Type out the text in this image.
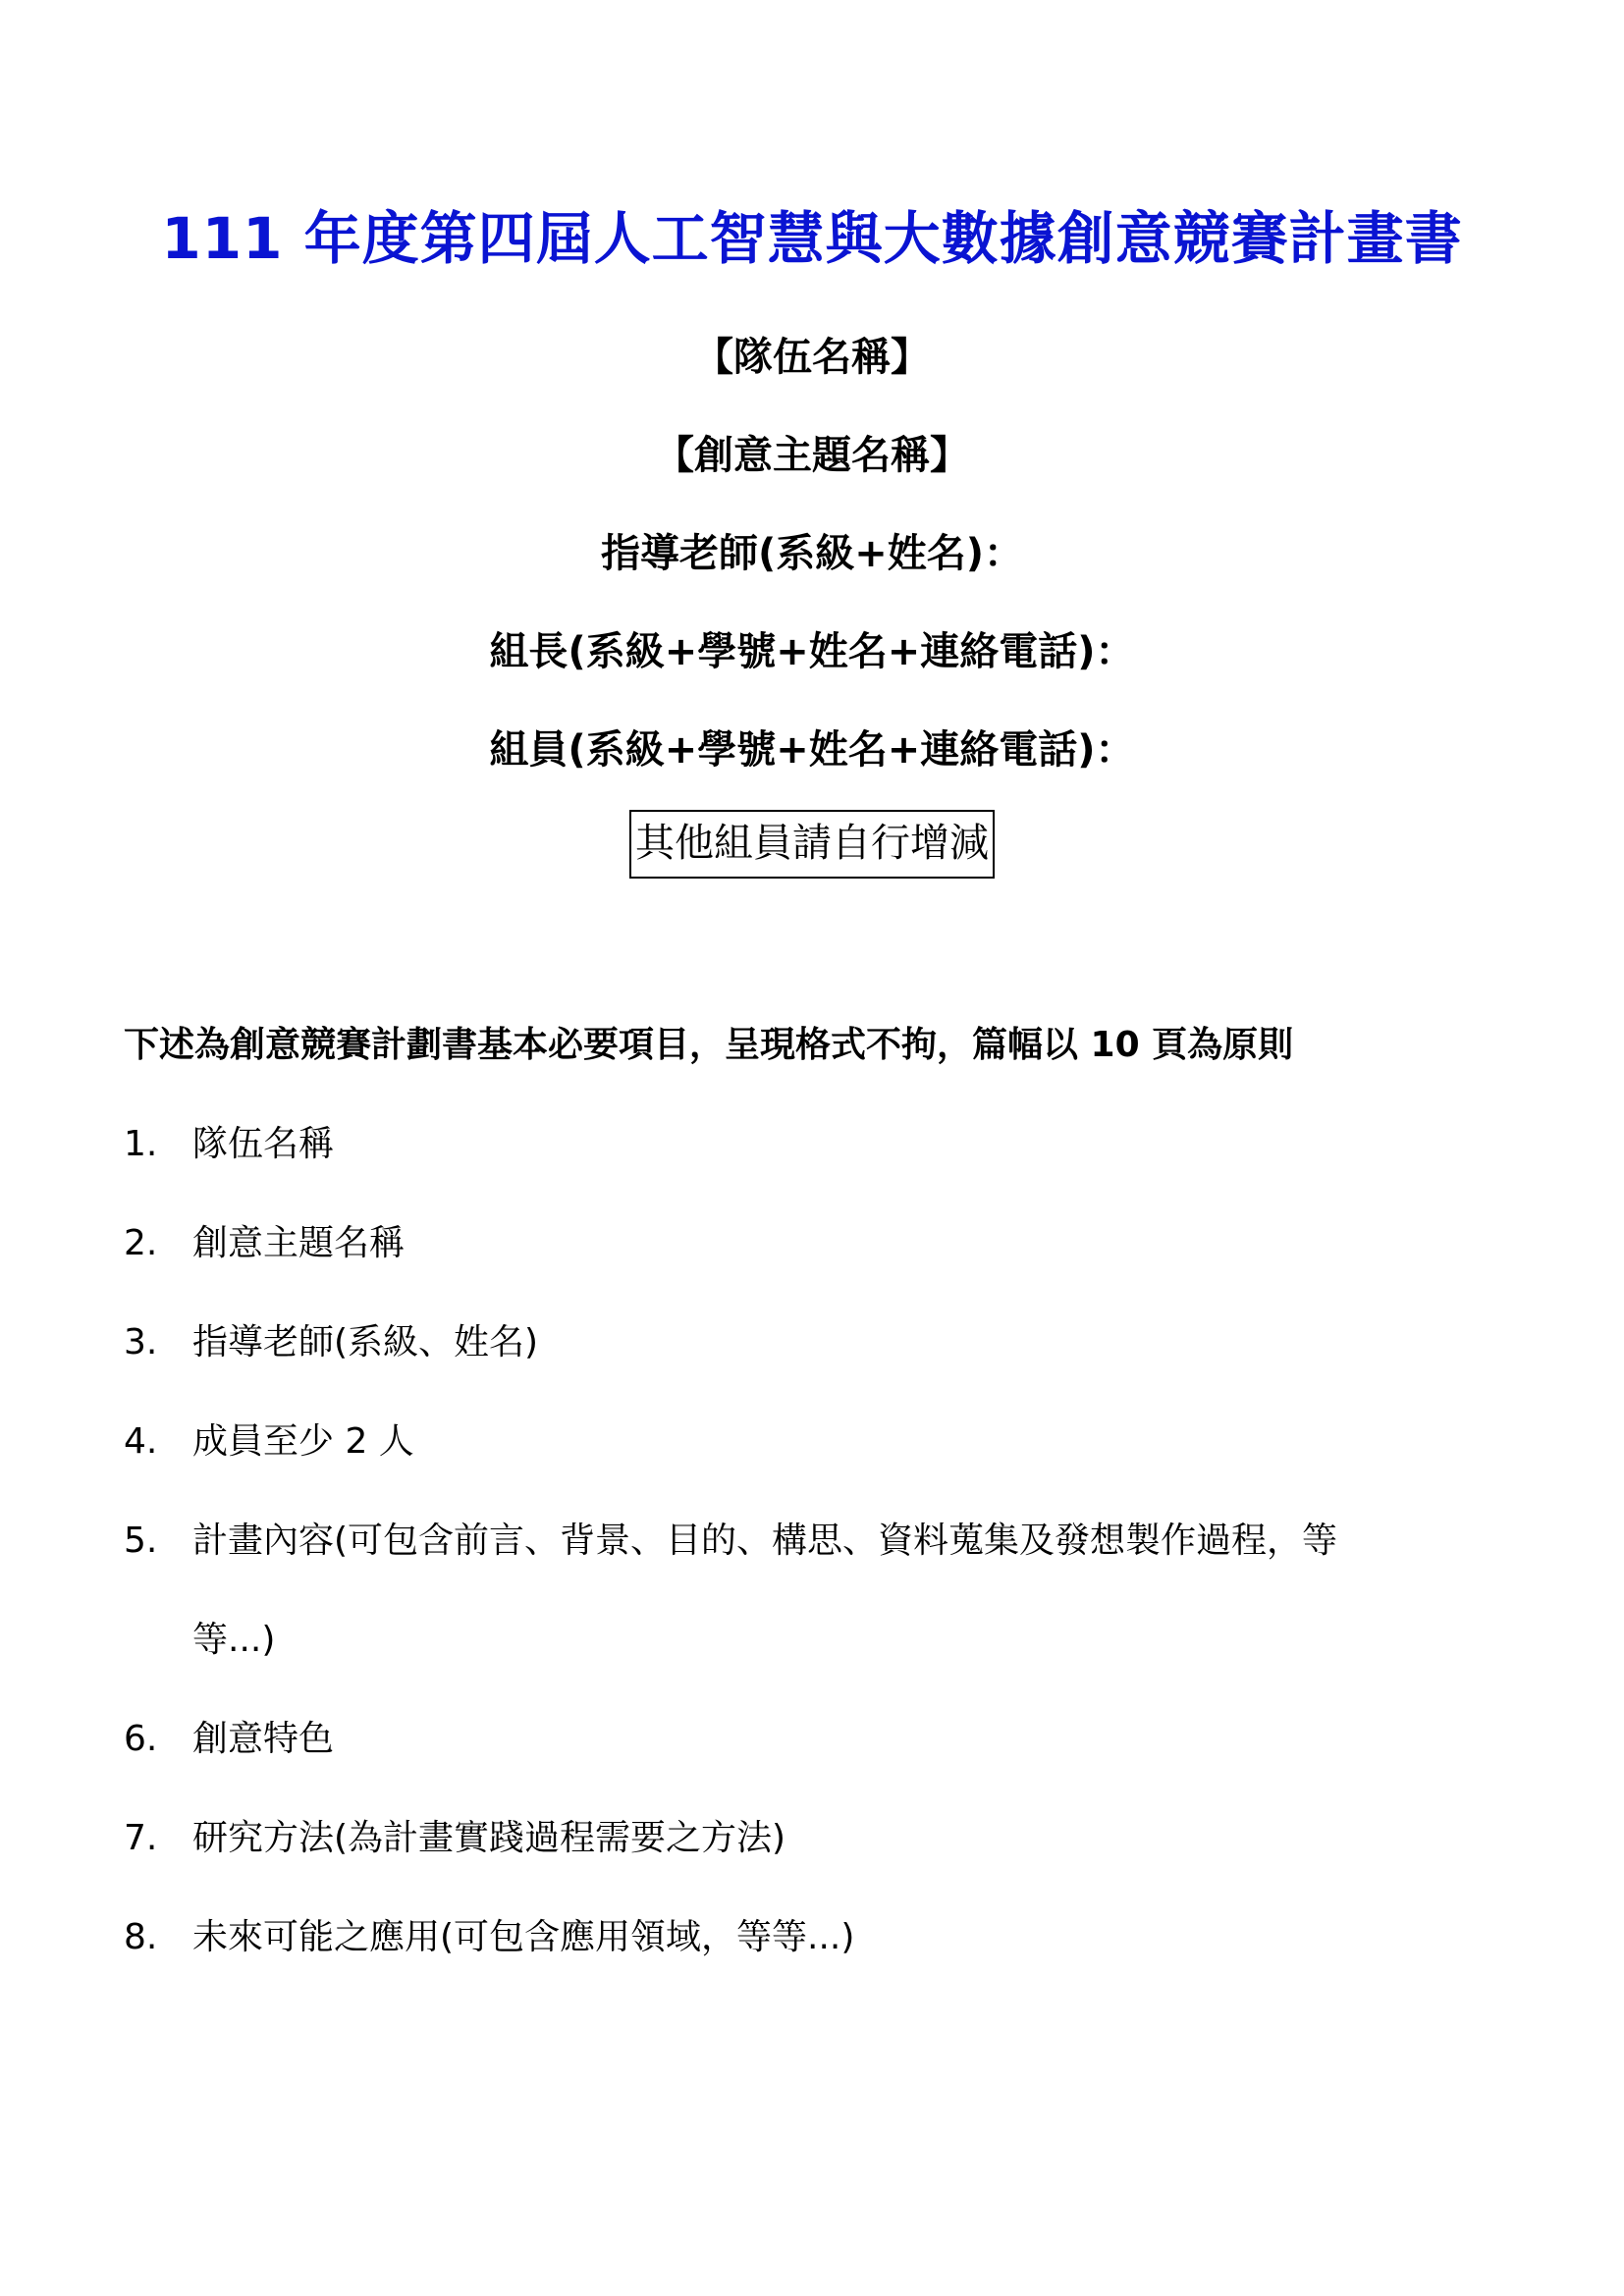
111 年度第四屆人工智慧與大數據創意競賽計畫書
【隊伍名稱】
【創意主題名稱】
指導老師(系級+姓名)：
組長(系級+學號+姓名+連絡電話)：
組員(系級+學號+姓名+連絡電話)：
其他組員請自行增減
下述為創意競賽計劃書基本必要項目，呈現格式不拘，篇幅以 10 頁為原則
1. 隊伍名稱
2. 創意主題名稱
3. 指導老師(系級、姓名)
4. 成員至少 2 人
5. 計畫內容(可包含前言、背景、目的、構思、資料蒐集及發想製作過程，等
等...)
6. 創意特色
7. 研究方法(為計畫實踐過程需要之方法)
8. 未來可能之應用(可包含應用領域，等等...)
